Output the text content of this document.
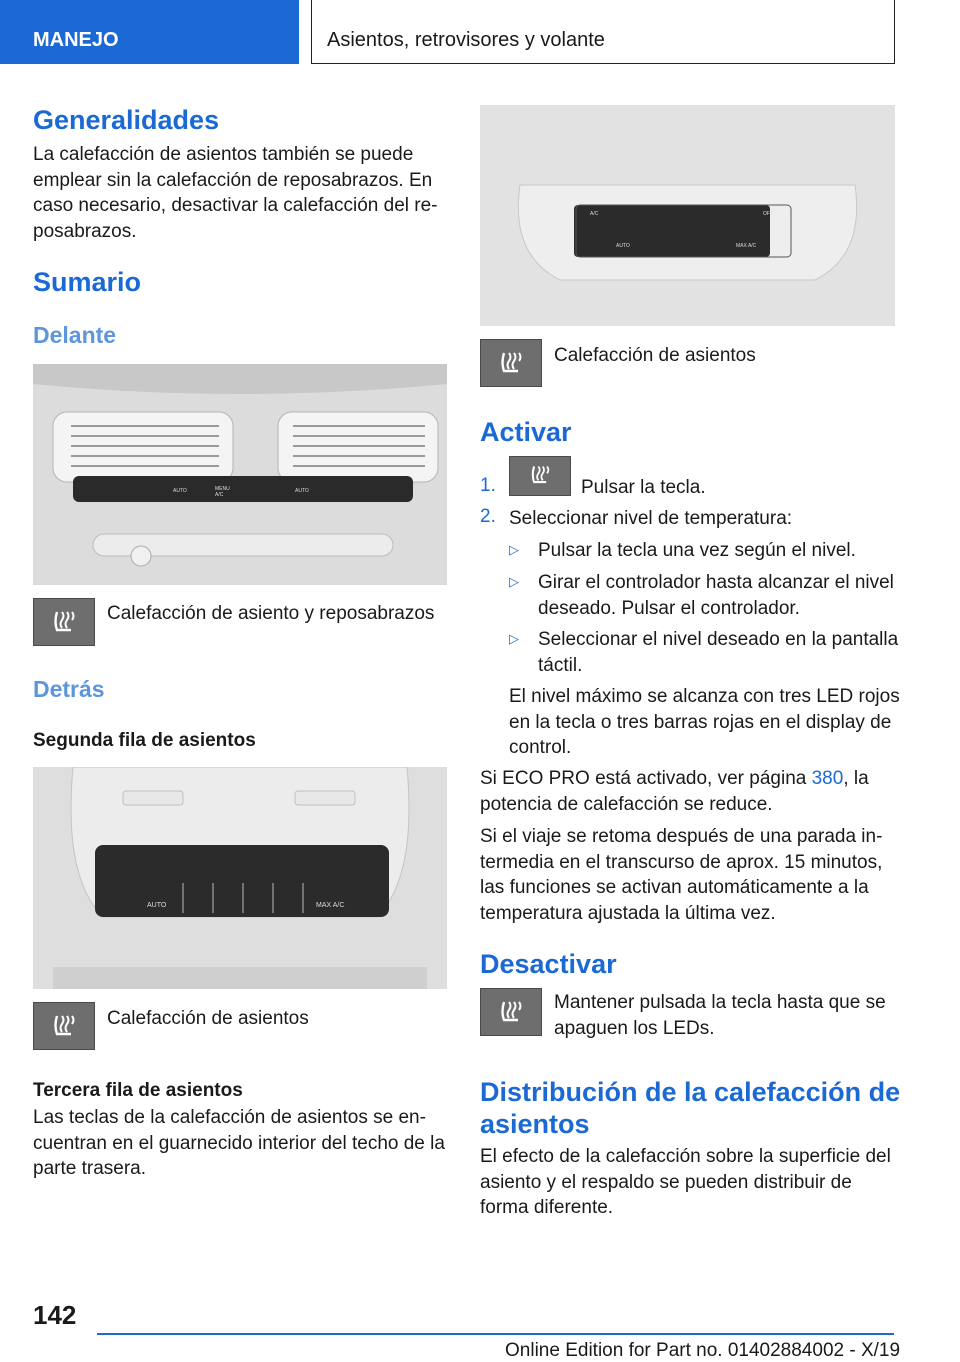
MANEJO	Asientos, retrovisores y volante
Generalidades

La calefacción de asientos también se puede
emplear sin la calefacción de reposabrazos. En
caso necesario, desactivar la calefacción del re‐
posabrazos.

Sumario
Delante
AUTO	MENU
A/C
AUTO
Calefacción de asiento y reposabrazos
Detrás
Segunda fila de asientos
AUTO	MAX A/C
Calefacción de asientos
Tercera fila de asientos

Las teclas de la calefacción de asientos se en‐
cuentran en el guarnecido interior del techo de la
parte trasera.

A/C	OFF
AUTO	MAX A/C
Calefacción de asientos
Activar
1.	Pulsar la tecla.
2. Seleccionar nivel de temperatura:
▷ Pulsar la tecla una vez según el nivel.
▷ Girar el controlador hasta alcanzar el nivel
deseado. Pulsar el controlador.

▷ Seleccionar el nivel deseado en la pantalla
táctil.

El nivel máximo se alcanza con tres LED rojos
en la tecla o tres barras rojas en el display de
control.

Si ECO PRO está activado, ver página 380, la
potencia de calefacción se reduce.

Si el viaje se retoma después de una parada in‐
termedia en el transcurso de aprox. 15 minutos,
las funciones se activan automáticamente a la
temperatura ajustada la última vez.

Desactivar

Mantener pulsada la tecla hasta que se
apaguen los LEDs.

Distribución de la calefacción de
asientos

El efecto de la calefacción sobre la superficie del
asiento y el respaldo se pueden distribuir de
forma diferente.

142
Online Edition for Part no. 01402884002 - X/19
